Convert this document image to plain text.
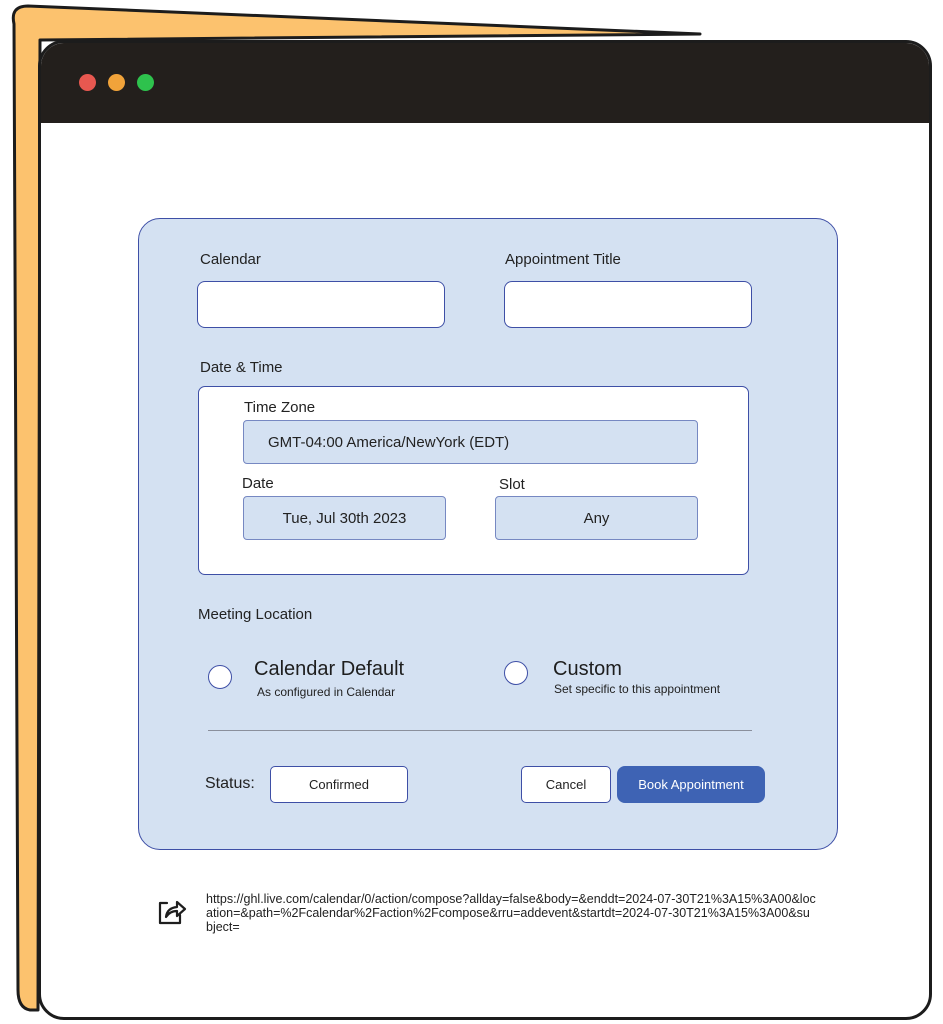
Calendar	Appointment Title
Date & Time
Time Zone
GMT-04:00 America/NewYork (EDT)
Date
Tue, Jul 30th 2023
Slot
Any
Meeting Location
Calendar Default
As configured in Calendar
Custom
Set specific to this appointment
Status:	Confirmed	Cancel	Book Appointment
https://ghl.live.com/calendar/0/action/compose?allday=false&body=&enddt=2024-07-30T21%3A15%3A00&location=&path=%2Fcalendar%2Faction%2Fcompose&rru=addevent&startdt=2024-07-30T21%3A15%3A00&subject=
